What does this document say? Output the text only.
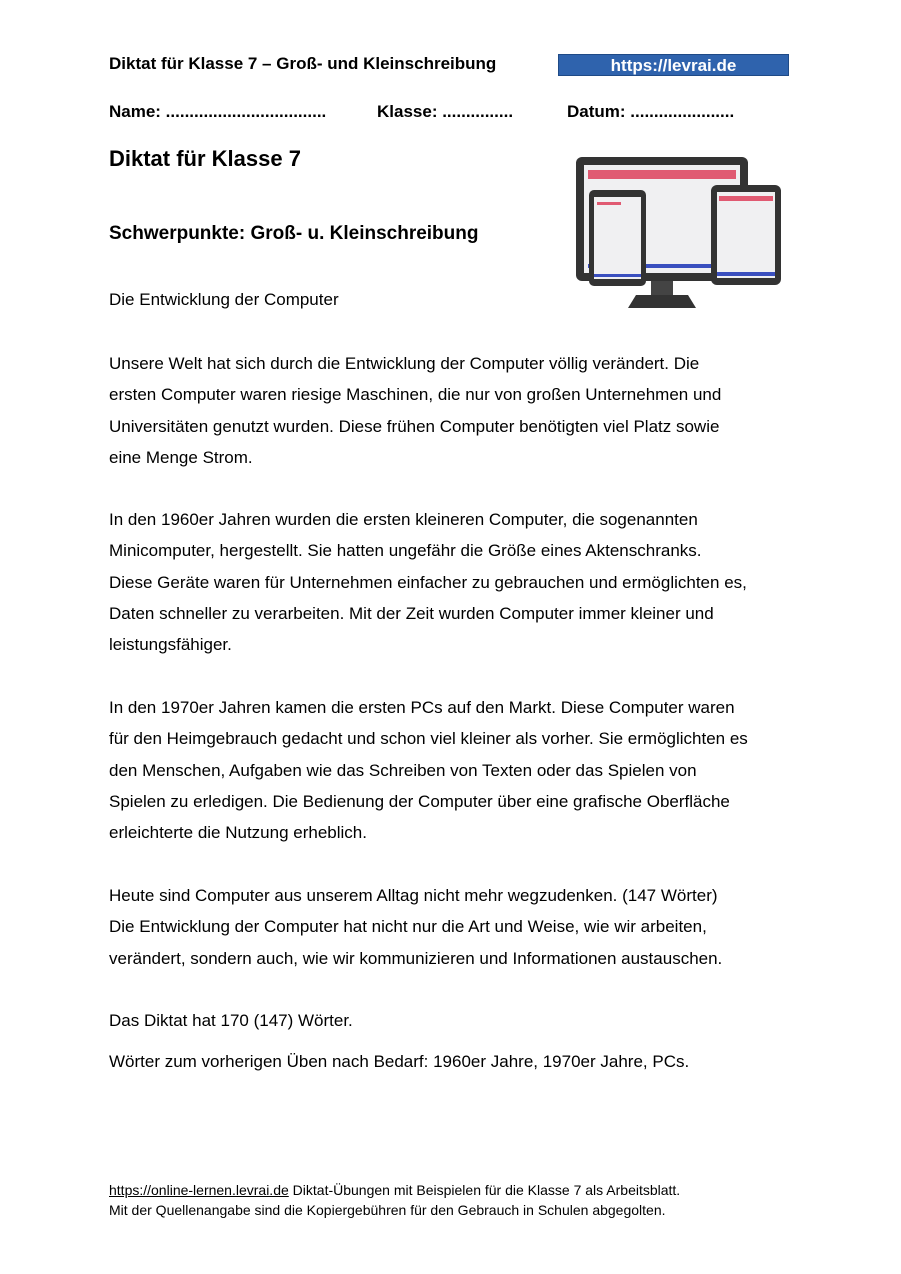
Diktat für Klasse 7 – Groß- und Kleinschreibung	https://levrai.de
Name: ..................................	Klasse: ...............	Datum: ......................
Diktat für Klasse 7
Schwerpunkte: Groß- u. Kleinschreibung
Die Entwicklung der Computer
Unsere Welt hat sich durch die Entwicklung der Computer völlig verändert. Die
ersten Computer waren riesige Maschinen, die nur von großen Unternehmen und
Universitäten genutzt wurden. Diese frühen Computer benötigten viel Platz sowie
eine Menge Strom.
In den 1960er Jahren wurden die ersten kleineren Computer, die sogenannten
Minicomputer, hergestellt. Sie hatten ungefähr die Größe eines Aktenschranks.
Diese Geräte waren für Unternehmen einfacher zu gebrauchen und ermöglichten es,
Daten schneller zu verarbeiten. Mit der Zeit wurden Computer immer kleiner und
leistungsfähiger.
In den 1970er Jahren kamen die ersten PCs auf den Markt. Diese Computer waren
für den Heimgebrauch gedacht und schon viel kleiner als vorher. Sie ermöglichten es
den Menschen, Aufgaben wie das Schreiben von Texten oder das Spielen von
Spielen zu erledigen. Die Bedienung der Computer über eine grafische Oberfläche
erleichterte die Nutzung erheblich.
Heute sind Computer aus unserem Alltag nicht mehr wegzudenken. (147 Wörter)
Die Entwicklung der Computer hat nicht nur die Art und Weise, wie wir arbeiten,
verändert, sondern auch, wie wir kommunizieren und Informationen austauschen.
Das Diktat hat 170 (147) Wörter.
Wörter zum vorherigen Üben nach Bedarf: 1960er Jahre, 1970er Jahre, PCs.
https://online-lernen.levrai.de Diktat-Übungen mit Beispielen für die Klasse 7 als Arbeitsblatt.
Mit der Quellenangabe sind die Kopiergebühren für den Gebrauch in Schulen abgegolten.
